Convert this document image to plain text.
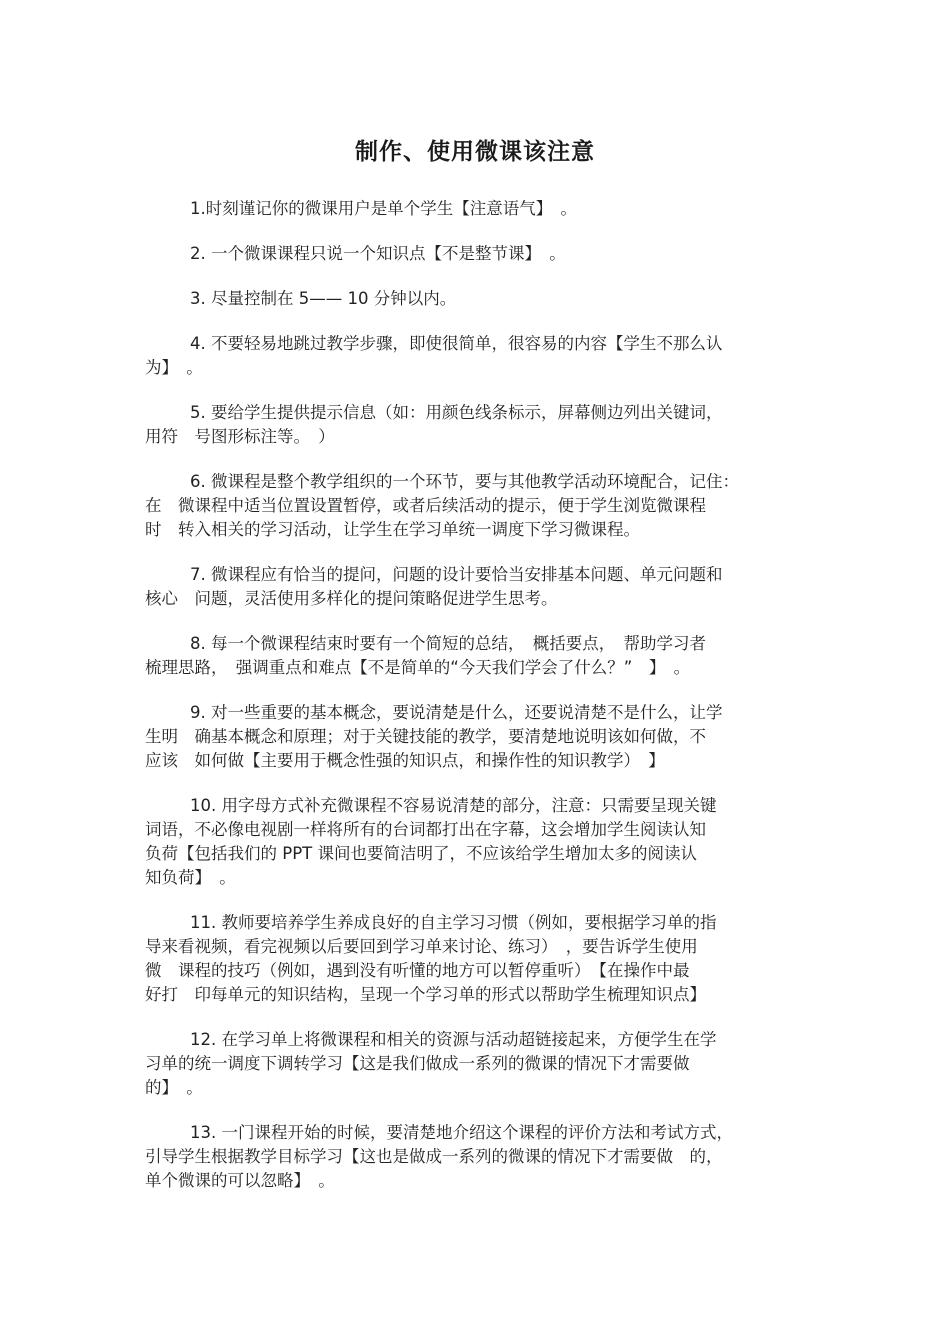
制作、使用微课该注意

1.时刻谨记你的微课用户是单个学生【注意语气】　。

2. 一个微课课程只说一个知识点【不是整节课】　。

3. 尽量控制在 5—— 10 分钟以内。

4. 不要轻易地跳过教学步骤，即使很简单，很容易的内容【学生不那么认
为】　。

5. 要给学生提供提示信息（如：用颜色线条标示，屏幕侧边列出关键词，
用符　号图形标注等。　）

6. 微课程是整个教学组织的一个环节，要与其他教学活动环境配合，记住：
在　微课程中适当位置设置暂停，或者后续活动的提示，便于学生浏览微课程
时　转入相关的学习活动，让学生在学习单统一调度下学习微课程。

7. 微课程应有恰当的提问，问题的设计要恰当安排基本问题、单元问题和
核心　问题，灵活使用多样化的提问策略促进学生思考。

8. 每一个微课程结束时要有一个简短的总结，　概括要点，　帮助学习者
梳理思路，　强调重点和难点【不是简单的“今天我们学会了什么？”　】　。

9. 对一些重要的基本概念，要说清楚是什么，还要说清楚不是什么，让学
生明　确基本概念和原理；对于关键技能的教学，要清楚地说明该如何做，不
应该　如何做【主要用于概念性强的知识点，和操作性的知识教学）　】

10. 用字母方式补充微课程不容易说清楚的部分，注意：只需要呈现关键
词语，不必像电视剧一样将所有的台词都打出在字幕，这会增加学生阅读认知
负荷【包括我们的 PPT 课间也要简洁明了，不应该给学生增加太多的阅读认
知负荷】　。

11. 教师要培养学生养成良好的自主学习习惯（例如，要根据学习单的指
导来看视频，看完视频以后要回到学习单来讨论、练习）　，要告诉学生使用
微　课程的技巧（例如，遇到没有听懂的地方可以暂停重听）　【在操作中最
好打　印每单元的知识结构，呈现一个学习单的形式以帮助学生梳理知识点】

12. 在学习单上将微课程和相关的资源与活动超链接起来，方便学生在学
习单的统一调度下调转学习【这是我们做成一系列的微课的情况下才需要做
的】　。

13. 一门课程开始的时候，要清楚地介绍这个课程的评价方法和考试方式，
引导学生根据教学目标学习【这也是做成一系列的微课的情况下才需要做　的，
单个微课的可以忽略】　。
